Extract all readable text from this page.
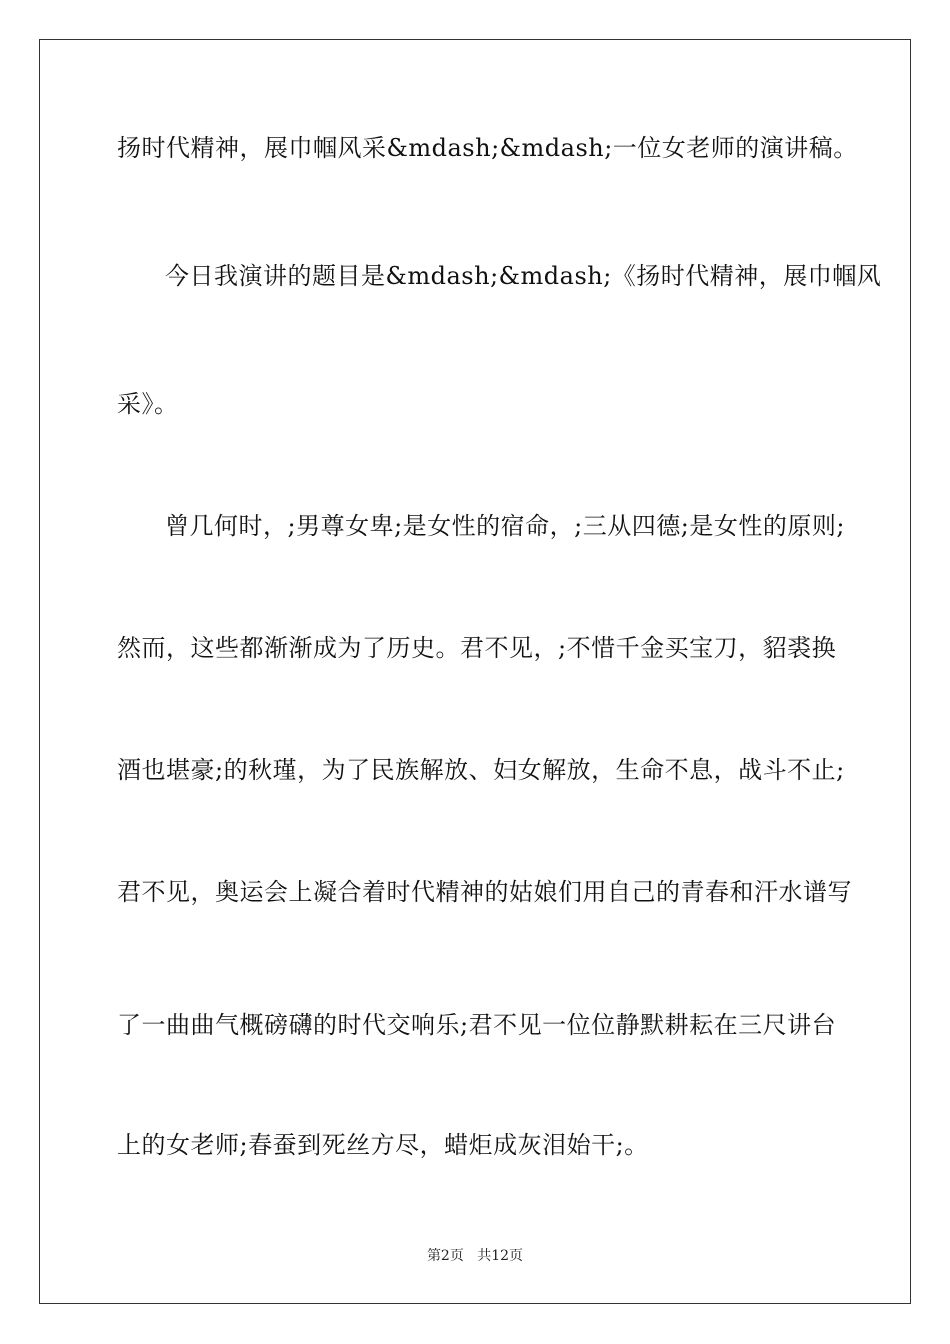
扬时代精神，展巾帼风采&mdash;&mdash;一位女老师的演讲稿。
今日我演讲的题目是&mdash;&mdash;《扬时代精神，展巾帼风
采》。
曾几何时，;男尊女卑;是女性的宿命，;三从四德;是女性的原则;
然而，这些都渐渐成为了历史。君不见，;不惜千金买宝刀，貂裘换
酒也堪豪;的秋瑾，为了民族解放、妇女解放，生命不息，战斗不止;
君不见，奥运会上凝合着时代精神的姑娘们用自己的青春和汗水谱写
了一曲曲气概磅礴的时代交响乐;君不见一位位静默耕耘在三尺讲台
上的女老师;春蚕到死丝方尽，蜡炬成灰泪始干;。
第2页 共12页
